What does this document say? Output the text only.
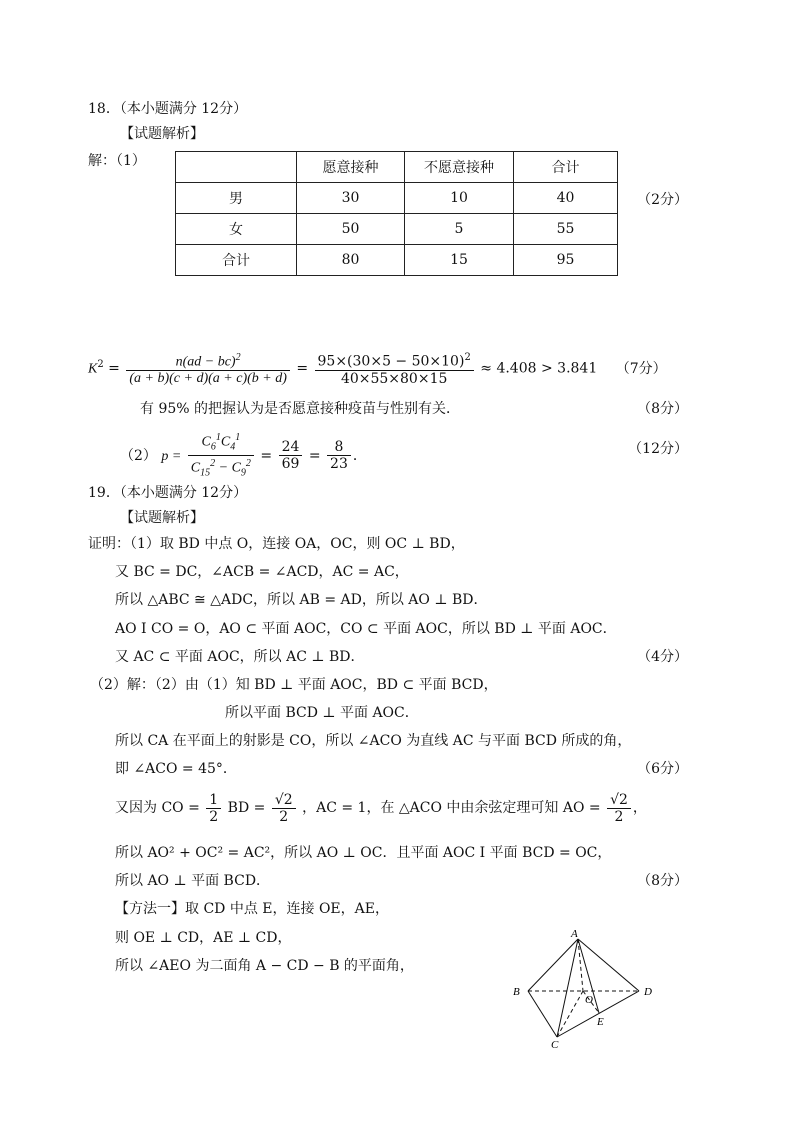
18．（本小题满分 12分）
【试题解析】
解：（1）
		愿意接种	不愿意接种	合计
男	30	10	40
女	50	5	55
合计	80	15	95
（2分）
$K^2 = \frac{n(ad - bc)^2}{(a + b)(c + d)(a + c)(b + d)} = \frac{95\times(30\times 5 - 50\times 10)^2}{40\times 55\times 80\times 15} \approx 4.408 > 3.841$ （7分）
有 95% 的把握认为是否愿意接种疫苗与性别有关．	（8分）
（2） $p = \frac{C_6^1C_4^1}{C_{15}^2 - C_9^2} = \frac{24}{69} = \frac{8}{23}$ ．	（12分）
19．（本小题满分 12分）
【试题解析】
证明：（1）取 BD 中点 O，连接 OA，OC，则 OC ⊥ BD，
又 BC = DC，∠ACB = ∠ACD，AC = AC，
所以 △ABC ≅ △ADC，所以 AB = AD，所以 AO ⊥ BD．
AO I CO = O，AO ⊂ 平面 AOC，CO ⊂ 平面 AOC，所以 BD ⊥ 平面 AOC．
又 AC ⊂ 平面 AOC，所以 AC ⊥ BD．	（4分）
（2）解：（2）由（1）知 BD ⊥ 平面 AOC，BD ⊂ 平面 BCD，
所以平面 BCD ⊥ 平面 AOC．
所以 CA 在平面上的射影是 CO，所以 ∠ACO 为直线 AC 与平面 BCD 所成的角，
即 ∠ACO = 45°．	（6分）
又因为 CO = $\frac{1}{2}$ BD = $\frac{√2}{2}$ ，AC = 1，在 △ACO 中由余弦定理可知 AO = $\frac{√2}{2}$ ，
所以 AO² + OC² = AC²，所以 AO ⊥ OC．且平面 AOC I 平面 BCD = OC，
所以 AO ⊥ 平面 BCD．	（8分）
【方法一】取 CD 中点 E，连接 OE，AE，
则 OE ⊥ CD，AE ⊥ CD，
所以 ∠AEO 为二面角 A − CD − B 的平面角，
A
B
O
D
E
C
